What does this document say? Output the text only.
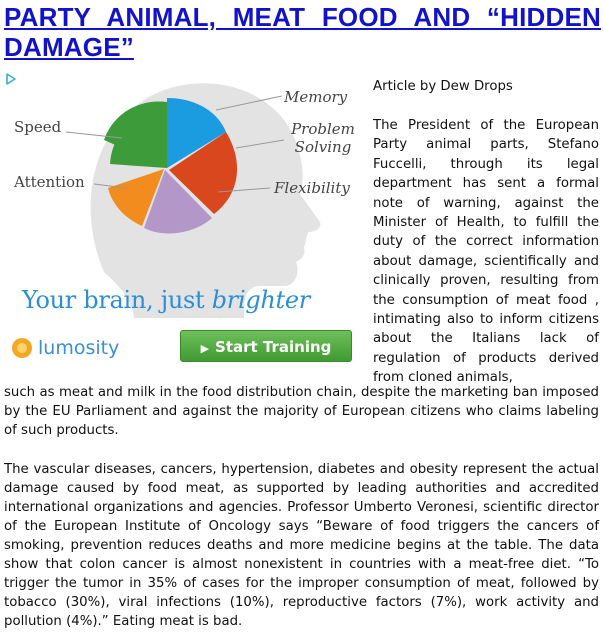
PARTY ANIMAL, MEAT FOOD AND “HIDDEN DAMAGE”
Speed
Attention
Memory
Problem
Solving
Flexibility
Your brain, just brighter
lumosity	▶ Start Training
Article by Dew Drops

The President of the European Party animal parts, Stefano Fuccelli, through its legal department has sent a formal note of warning, against the Minister of Health, to fulfill the duty of the correct information about damage, scientifically and clinically proven, resulting from the consumption of meat food , intimating also to inform citizens about the Italians lack of regulation of products derived from cloned animals,

such as meat and milk in the food distribution chain, despite the marketing ban imposed by the EU Parliament and against the majority of European citizens who claims labeling of such products.

The vascular diseases, cancers, hypertension, diabetes and obesity represent the actual damage caused by food meat, as supported by leading authorities and accredited international organizations and agencies. Professor Umberto Veronesi, scientific director of the European Institute of Oncology says “Beware of food triggers the cancers of smoking, prevention reduces deaths and more medicine begins at the table. The data show that colon cancer is almost nonexistent in countries with a meat-free diet. “To trigger the tumor in 35% of cases for the improper consumption of meat, followed by tobacco (30%), viral infections (10%), reproductive factors (7%), work activity and pollution (4%).” Eating meat is bad.
